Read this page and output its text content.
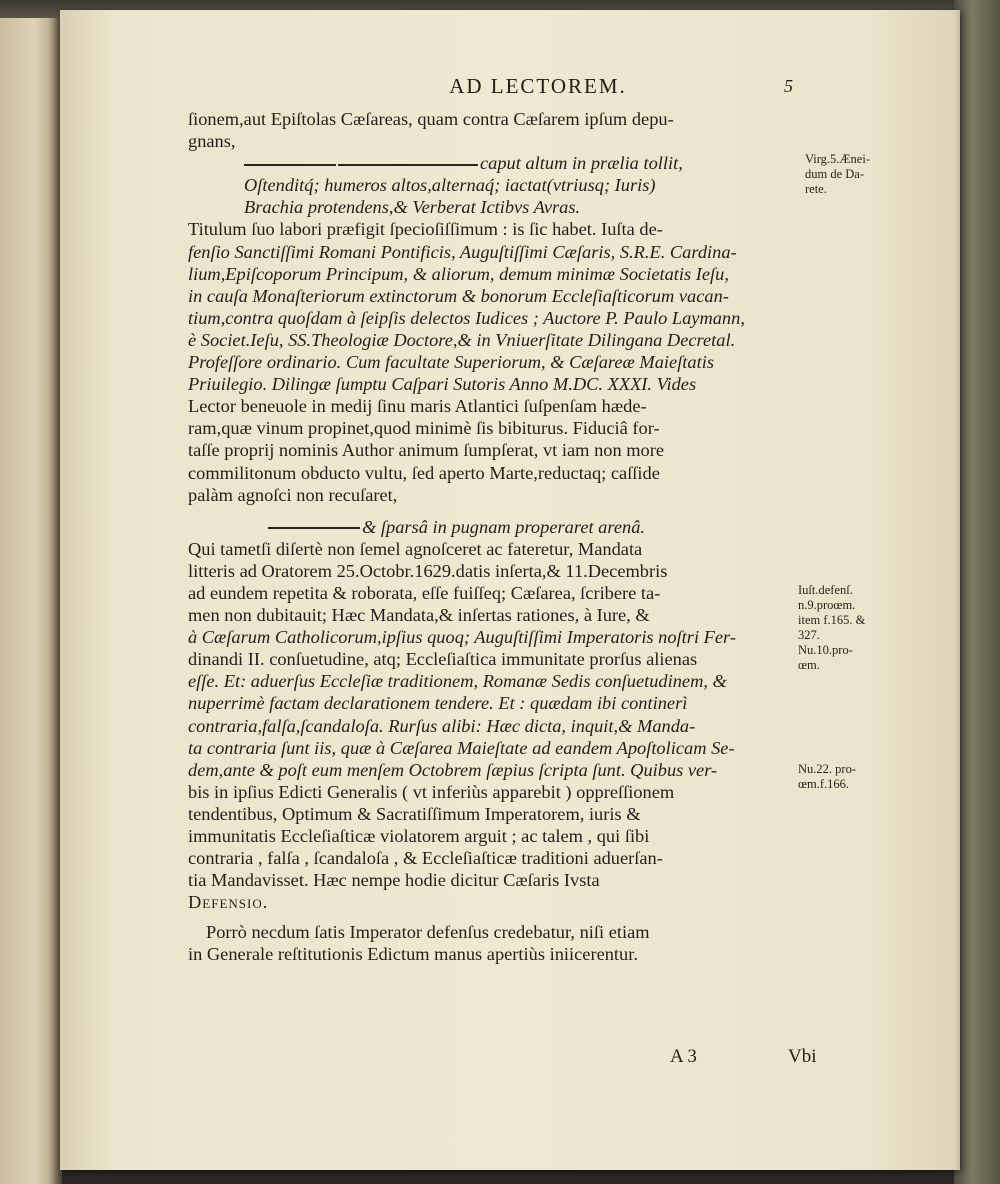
AD LECTOREM.	5
ſionem,aut Epiſtolas Cæſareas, quam contra Cæſarem ipſum depu-
gnans,
caput altum in prælia tollit,
Oſtenditq́; humeros altos,alternaq́; iactat(vtriusq; Iuris)
Brachia protendens,& Verberat Ictibvs Avras.
Titulum ſuo labori præfigit ſpecioſiſſimum : is ſic habet. Iuſta de-
fenſio Sanctiſſimi Romani Pontificis, Auguſtiſſimi Cæſaris, S.R.E. Cardina-
lium,Epiſcoporum Principum, & aliorum, demum minimæ Societatis Ieſu,
in cauſa Monaſteriorum extinctorum & bonorum Eccleſiaſticorum vacan-
tium,contra quoſdam à ſeipſis delectos Iudices ; Auctore P. Paulo Laymann,
è Societ.Ieſu, SS.Theologiæ Doctore,& in Vniuerſitate Dilingana Decretal.
Profeſſore ordinario. Cum facultate Superiorum, & Cæſareæ Maieſtatis
Priuilegio. Dilingæ ſumptu Caſpari Sutoris Anno M.DC. XXXI. Vides
Lector beneuole in medij ſinu maris Atlantici ſuſpenſam hæde-
ram,quæ vinum propinet,quod minimè ſis bibiturus. Fiduciâ for-
taſſe proprij nominis Author animum ſumpſerat, vt iam non more
commilitonum obducto vultu, ſed aperto Marte,reductaq; caſſide
palàm agnoſci non recuſaret,
& ſparsâ in pugnam properaret arenâ.
Qui tametſi diſertè non ſemel agnoſceret ac fateretur, Mandata
litteris ad Oratorem 25.Octobr.1629.datis inſerta,& 11.Decembris
ad eundem repetita & roborata, eſſe fuiſſeq; Cæſarea, ſcribere ta-
men non dubitauit; Hæc Mandata,& inſertas rationes, à Iure, &
à Cæſarum Catholicorum,ipſius quoq; Auguſtiſſimi Imperatoris noſtri Fer-
dinandi II. conſuetudine, atq; Eccleſiaſtica immunitate prorſus alienas
eſſe. Et: aduerſus Eccleſiæ traditionem, Romanæ Sedis conſuetudinem, &
nuperrimè factam declarationem tendere. Et : quædam ibi continerì
contraria,falſa,ſcandaloſa. Rurſus alibi: Hæc dicta, inquit,& Manda-
ta contraria ſunt iis, quæ à Cæſarea Maieſtate ad eandem Apoſtolicam Se-
dem,ante & poſt eum menſem Octobrem ſæpius ſcripta ſunt. Quibus ver-
bis in ipſius Edicti Generalis ( vt inferiùs apparebit ) oppreſſionem
tendentibus, Optimum & Sacratiſſimum Imperatorem, iuris &
immunitatis Eccleſiaſticæ violatorem arguit ; ac talem , qui ſibi
contraria , falſa , ſcandaloſa , & Eccleſiaſticæ traditioni aduerſan-
tia Mandavisset. Hæc nempe hodie dicitur Cæſaris Ivsta
Defensio.
Porrò necdum ſatis Imperator defenſus credebatur, niſi etiam
in Generale reſtitutionis Edictum manus apertiùs iniicerentur.
Virg.5.Ænei-
dum de Da-
rete.
Iuſt.defenſ.
n.9.proœm.
item f.165. &
327.
Nu.10.pro-
œm.
Nu.22. pro-
œm.f.166.
A 3	Vbi
